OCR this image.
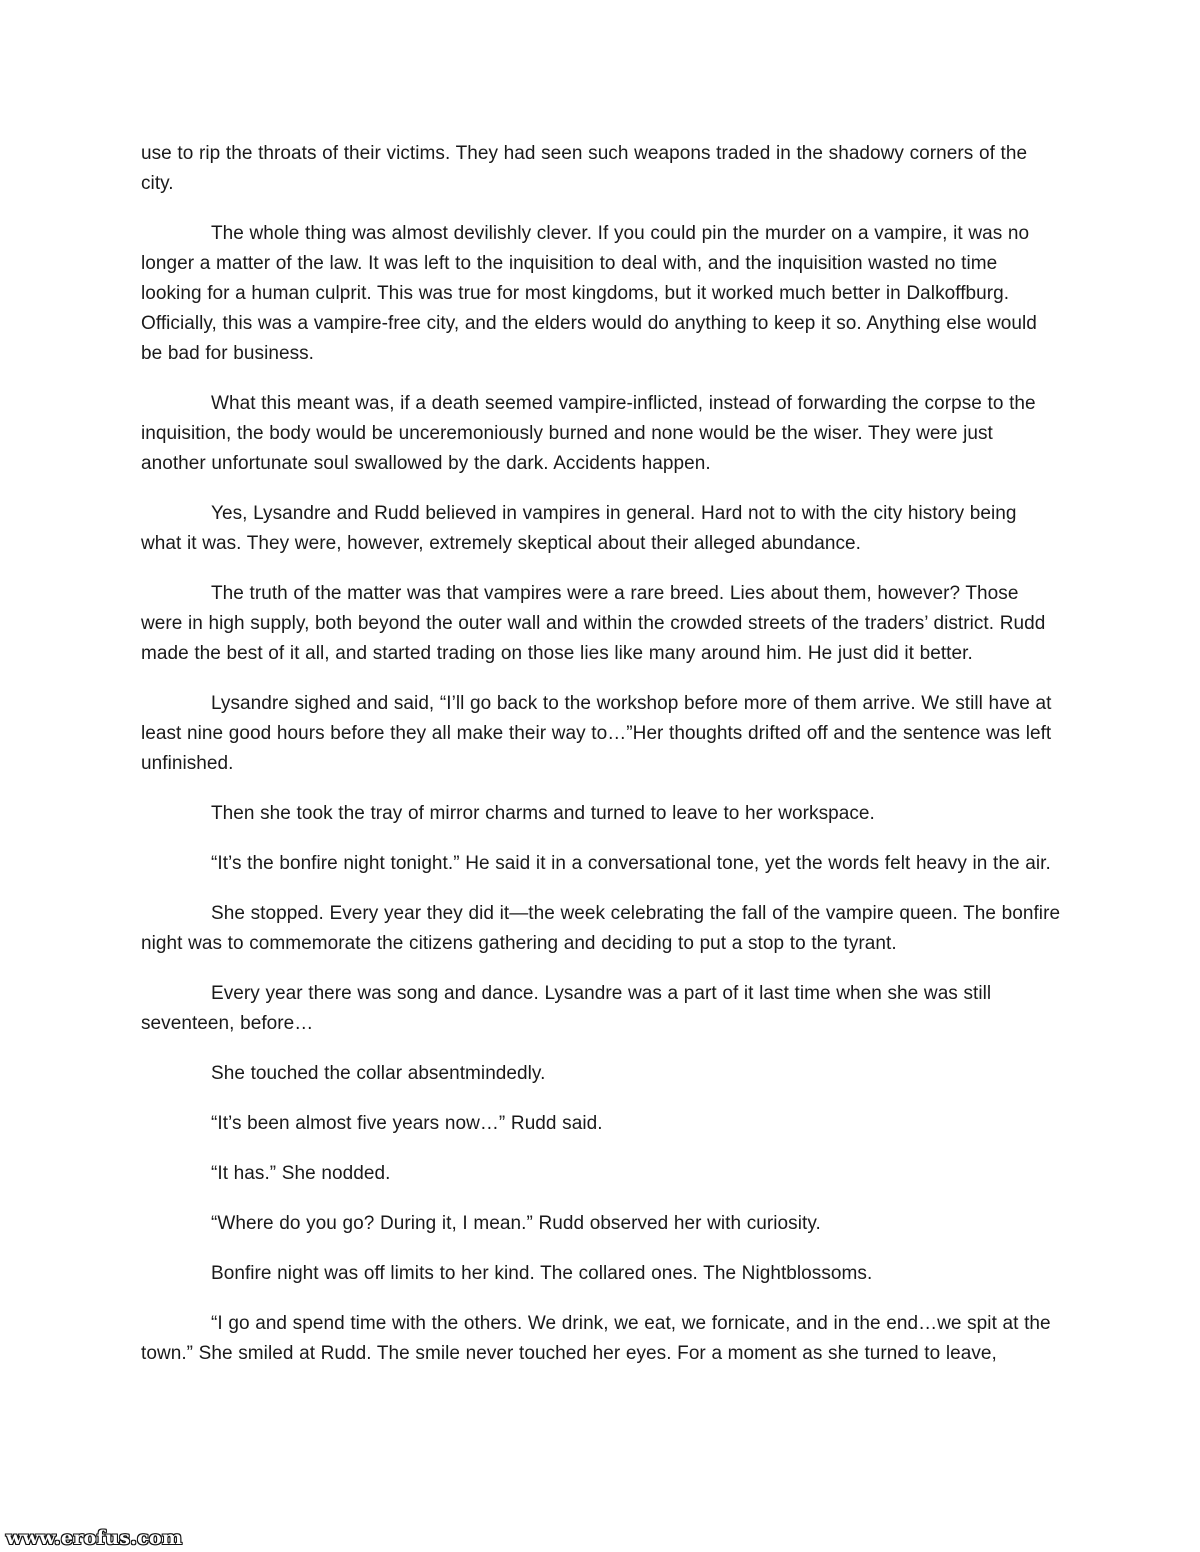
use to rip the throats of their victims. They had seen such weapons traded in the shadowy corners of the city.

The whole thing was almost devilishly clever. If you could pin the murder on a vampire, it was no longer a matter of the law. It was left to the inquisition to deal with, and the inquisition wasted no time looking for a human culprit. This was true for most kingdoms, but it worked much better in Dalkoffburg. Officially, this was a vampire-free city, and the elders would do anything to keep it so. Anything else would be bad for business.

What this meant was, if a death seemed vampire-inflicted, instead of forwarding the corpse to the inquisition, the body would be unceremoniously burned and none would be the wiser. They were just another unfortunate soul swallowed by the dark. Accidents happen.

Yes, Lysandre and Rudd believed in vampires in general. Hard not to with the city history being what it was. They were, however, extremely skeptical about their alleged abundance.

The truth of the matter was that vampires were a rare breed. Lies about them, however? Those were in high supply, both beyond the outer wall and within the crowded streets of the traders’ district. Rudd made the best of it all, and started trading on those lies like many around him. He just did it better.

Lysandre sighed and said, “I’ll go back to the workshop before more of them arrive. We still have at least nine good hours before they all make their way to…”Her thoughts drifted off and the sentence was left unfinished.

Then she took the tray of mirror charms and turned to leave to her workspace.

“It’s the bonfire night tonight.” He said it in a conversational tone, yet the words felt heavy in the air.

She stopped. Every year they did it—the week celebrating the fall of the vampire queen. The bonfire night was to commemorate the citizens gathering and deciding to put a stop to the tyrant.

Every year there was song and dance. Lysandre was a part of it last time when she was still seventeen, before…

She touched the collar absentmindedly.

“It’s been almost five years now…” Rudd said.

“It has.” She nodded.

“Where do you go? During it, I mean.” Rudd observed her with curiosity.

Bonfire night was off limits to her kind. The collared ones. The Nightblossoms.

“I go and spend time with the others. We drink, we eat, we fornicate, and in the end…we spit at the town.” She smiled at Rudd. The smile never touched her eyes. For a moment as she turned to leave,

www.erofus.com
